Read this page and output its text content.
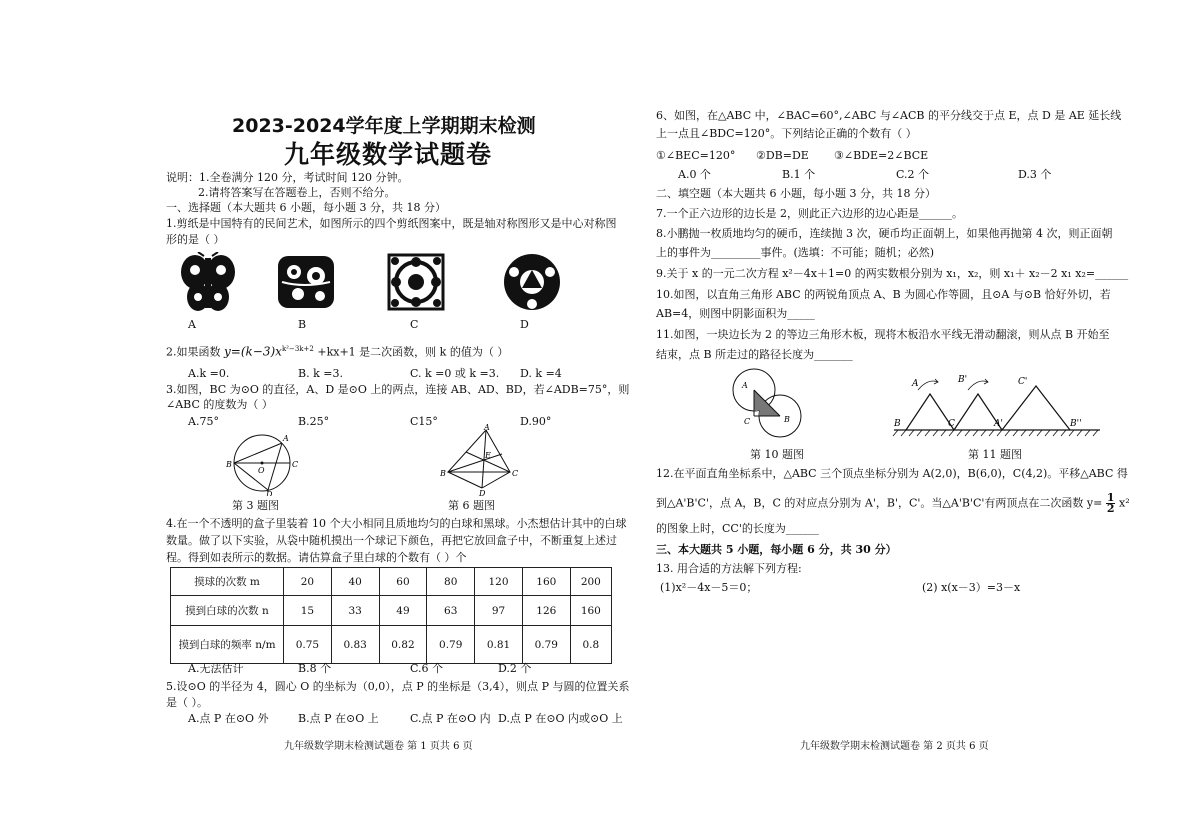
2023-2024学年度上学期期末检测
九年级数学试题卷
说明：1.全卷满分 120 分，考试时间 120 分钟。
2.请将答案写在答题卷上，否则不给分。
一、选择题（本大题共 6 小题，每小题 3 分，共 18 分）
1.剪纸是中国特有的民间艺术，如图所示的四个剪纸图案中，既是轴对称图形又是中心对称图
形的是（ ）
A	B	C	D
2.如果函数 $y=(k-3)x^{k^2-3k+2} +kx+1$ 是二次函数，则 k 的值为（ ）
A.k =0.	B. k =3.	C. k =0 或 k =3. D. k =4
3.如图，BC 为⊙O 的直径，A、D 是⊙O 上的两点，连接 AB、AD、BD，若∠ADB=75°，则
∠ABC 的度数为（ ）
A.75°	B.25°	C15°	D.90°
A
B
O
C
D
A
E
B	C
D
第 3 题图	第 6 题图
4.在一个不透明的盒子里装着 10 个大小相同且质地均匀的白球和黑球。小杰想估计其中的白球
数量。做了以下实验，从袋中随机摸出一个球记下颜色，再把它放回盒子中，不断重复上述过
程。得到如表所示的数据。请估算盒子里白球的个数有（ ）个
摸球的次数 m	20	40	60	80	120	160	200
摸到白球的次数 n	15	33	49	63	97	126	160
摸到白球的频率 n/m	0.75	0.83	0.82	0.79	0.81	0.79	0.8
A.无法估计	B.8 个	C.6 个	D.2 个
5.设⊙O 的半径为 4，圆心 O 的坐标为（0,0），点 P 的坐标是（3,4），则点 P 与圆的位置关系
是（ ）。
A.点 P 在⊙O 外	B.点 P 在⊙O 上	C.点 P 在⊙O 内 D.点 P 在⊙O 内或⊙O 上
九年级数学期末检测试题卷 第 1 页共 6 页
6、如图，在△ABC 中，∠BAC=60°,∠ABC 与∠ACB 的平分线交于点 E，点 D 是 AE 延长线
上一点且∠BDC=120°。下列结论正确的个数有（ ）
①∠BEC=120° ②DB=DE ③∠BDE=2∠BCE
A.0 个	B.1 个	C.2 个	D.3 个
二、填空题（本大题共 6 小题，每小题 3 分，共 18 分）
7.一个正六边形的边长是 2，则此正六边形的边心距是______。
8.小鹏抛一枚质地均匀的硬币，连续抛 3 次，硬币均正面朝上，如果他再抛第 4 次，则正面朝
上的事件为_________事件。(选填：不可能；随机；必然)
9.关于 x 的一元二次方程 x²－4x＋1=0 的两实数根分别为 x₁，x₂，则 x₁＋ x₂－2 x₁ x₂=______
10.如图，以直角三角形 ABC 的两锐角顶点 A、B 为圆心作等圆，且⊙A 与⊙B 恰好外切，若
AB=4，则图中阴影面积为_____
11.如图，一块边长为 2 的等边三角形木板，现将木板沿水平线无滑动翻滚，则从点 B 开始至
结束，点 B 所走过的路径长度为_______
A
C	B
A	B'	C'
B	C	A'	B''
第 10 题图	第 11 题图
12.在平面直角坐标系中，△ABC 三个顶点坐标分别为 A(2,0)，B(6,0)，C(4,2)。平移△ABC 得
到△A'B'C'，点 A，B，C 的对应点分别为 A'，B'，C'。当△A'B'C'有两顶点在二次函数 $y= \frac{1}{2} x^2$
的图象上时，CC'的长度为______
三、本大题共 5 小题，每小题 6 分，共 30 分）
13. 用合适的方法解下列方程:
(1)x²－4x－5＝0；	(2) x(x－3）=3－x
九年级数学期末检测试题卷 第 2 页共 6 页
